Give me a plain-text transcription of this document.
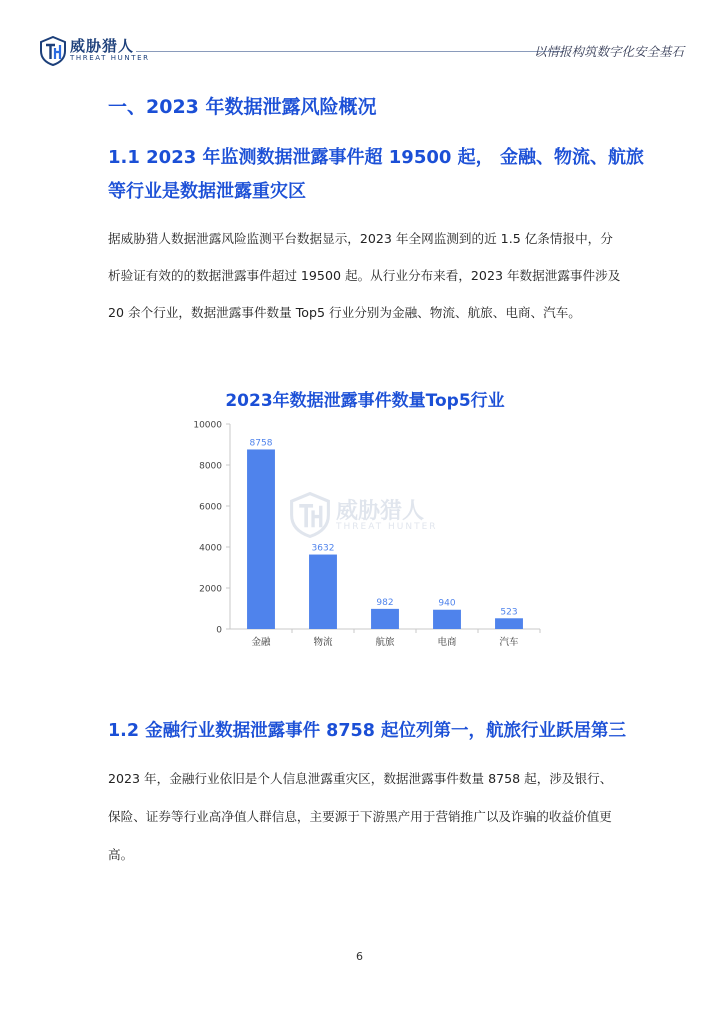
威胁猎人
THREAT HUNTER	以情报构筑数字化安全基石
一、2023 年数据泄露风险概况
1.1 2023 年监测数据泄露事件超 19500 起， 金融、物流、航旅
等行业是数据泄露重灾区
据威胁猎人数据泄露风险监测平台数据显示，2023 年全网监测到的近 1.5 亿条情报中，分
析验证有效的的数据泄露事件超过 19500 起。从行业分布来看，2023 年数据泄露事件涉及
20 余个行业，数据泄露事件数量 Top5 行业分别为金融、物流、航旅、电商、汽车。
威胁猎人
THREAT HUNTER
2023年数据泄露事件数量Top5行业
0
2000
4000
6000
8000
10000
8758
金融
3632
物流
982
航旅
940
电商
523
汽车
1.2 金融行业数据泄露事件 8758 起位列第一，航旅行业跃居第三
2023 年，金融行业依旧是个人信息泄露重灾区，数据泄露事件数量 8758 起，涉及银行、
保险、证券等行业高净值人群信息，主要源于下游黑产用于营销推广以及诈骗的收益价值更
高。
6
